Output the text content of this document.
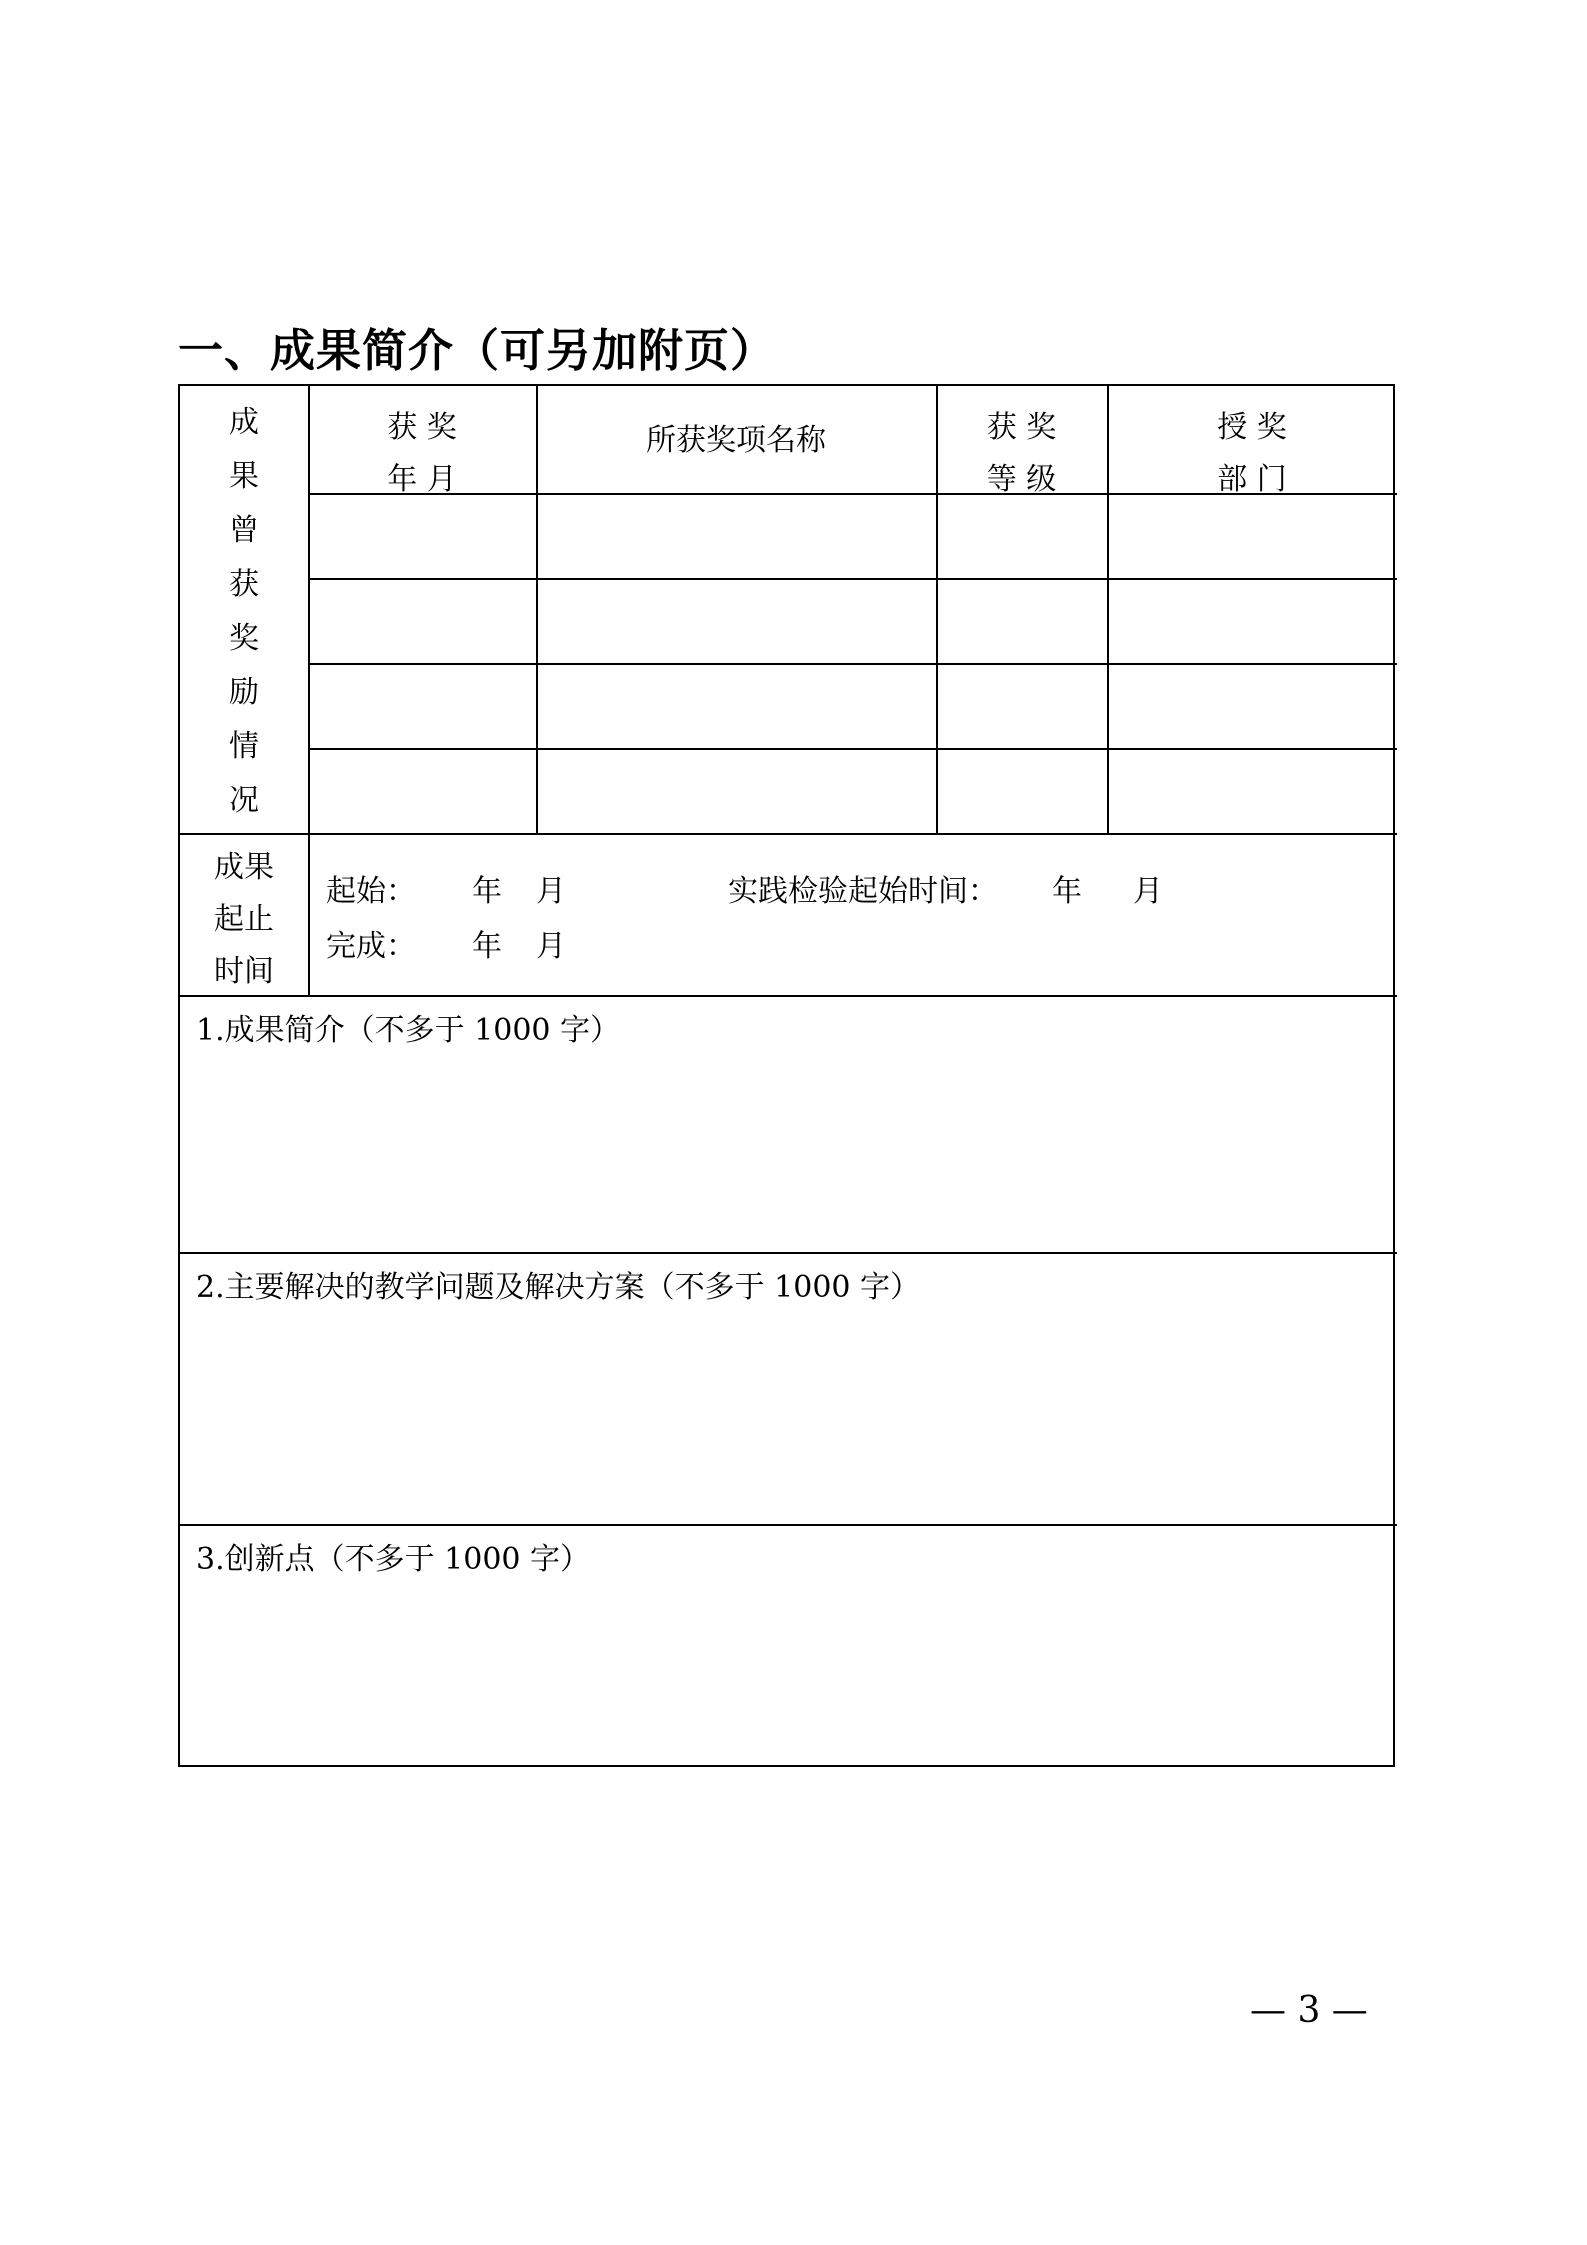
一、成果简介（可另加附页）
成
果
曾
获
奖
励
情
况
获 奖
年 月
所获奖项名称	获 奖
等 级
授 奖
部 门
成果
起止
时间
起始： 年 月	实践检验起始时间： 年 月
完成： 年 月
1.成果简介（不多于 1000 字）
2.主要解决的教学问题及解决方案（不多于 1000 字）
3.创新点（不多于 1000 字）
— 3 —
